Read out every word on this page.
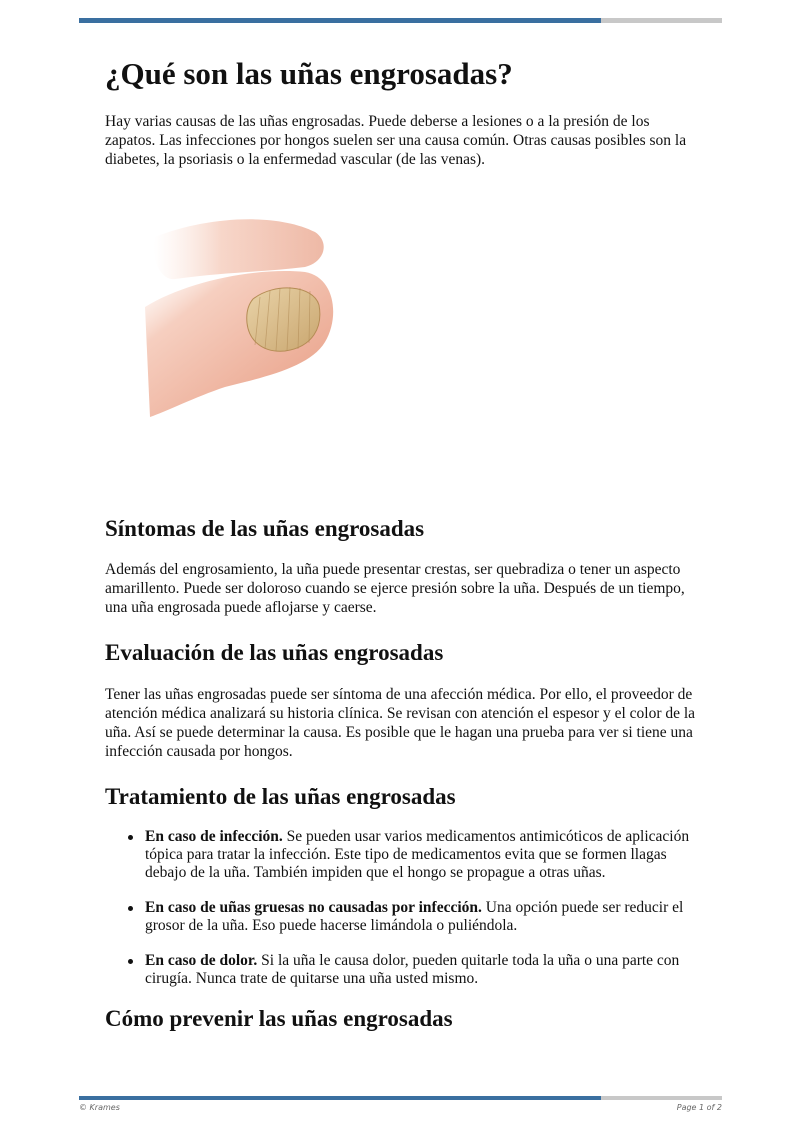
¿Qué son las uñas engrosadas?

Hay varias causas de las uñas engrosadas. Puede deberse a lesiones o a la presión de los zapatos. Las infecciones por hongos suelen ser una causa común. Otras causas posibles son la diabetes, la psoriasis o la enfermedad vascular (de las venas).

Síntomas de las uñas engrosadas

Además del engrosamiento, la uña puede presentar crestas, ser quebradiza o tener un aspecto amarillento. Puede ser doloroso cuando se ejerce presión sobre la uña. Después de un tiempo, una uña engrosada puede aflojarse y caerse.

Evaluación de las uñas engrosadas

Tener las uñas engrosadas puede ser síntoma de una afección médica. Por ello, el proveedor de atención médica analizará su historia clínica. Se revisan con atención el espesor y el color de la uña. Así se puede determinar la causa. Es posible que le hagan una prueba para ver si tiene una infección causada por hongos.

Tratamiento de las uñas engrosadas
En caso de infección. Se pueden usar varios medicamentos antimicóticos de aplicación tópica para tratar la infección. Este tipo de medicamentos evita que se formen llagas debajo de la uña. También impiden que el hongo se propague a otras uñas.
En caso de uñas gruesas no causadas por infección. Una opción puede ser reducir el grosor de la uña. Eso puede hacerse limándola o puliéndola.
En caso de dolor. Si la uña le causa dolor, pueden quitarle toda la uña o una parte con cirugía. Nunca trate de quitarse una uña usted mismo.
Cómo prevenir las uñas engrosadas
© Krames	Page 1 of 2
